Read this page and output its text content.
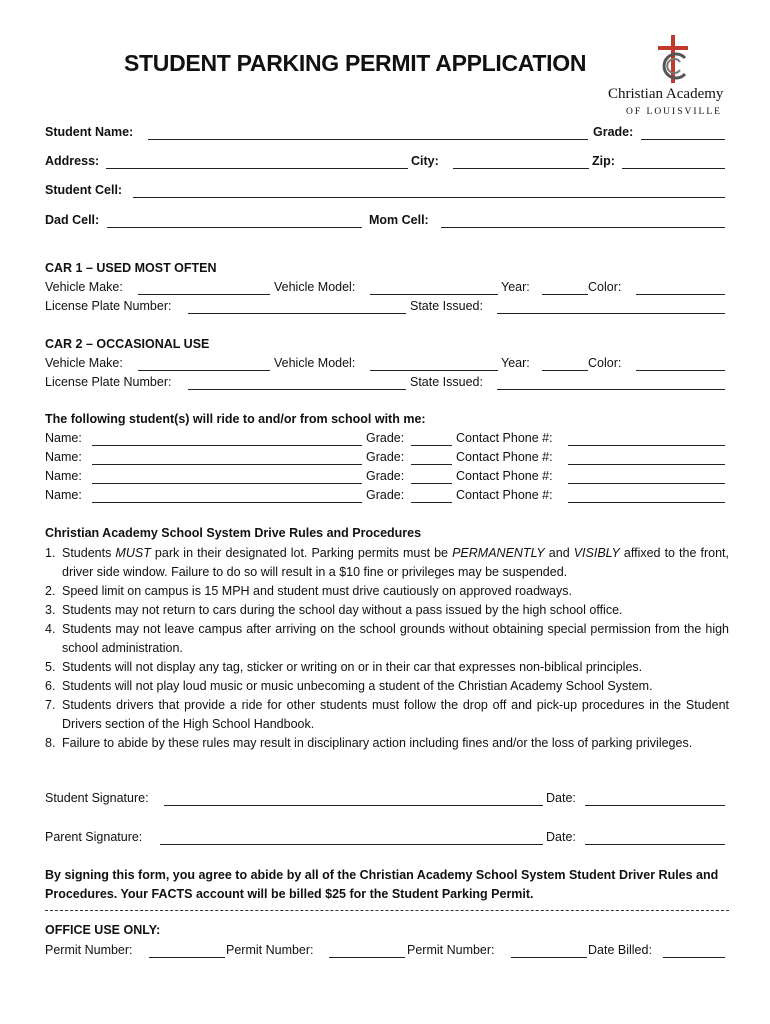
STUDENT PARKING PERMIT APPLICATION
Christian Academy
OF LOUISVILLE
Student Name:	Grade:
Address:	City:	Zip:
Student Cell:
Dad Cell:	Mom Cell:
CAR 1 – USED MOST OFTEN
Vehicle Make:	Vehicle Model:	Year:	Color:
License Plate Number:	State Issued:
CAR 2 – OCCASIONAL USE
Vehicle Make:	Vehicle Model:	Year:	Color:
License Plate Number:	State Issued:
The following student(s) will ride to and/or from school with me:
Name:	Grade:	Contact Phone #:
Name:	Grade:	Contact Phone #:
Name:	Grade:	Contact Phone #:
Name:	Grade:	Contact Phone #:
Christian Academy School System Drive Rules and Procedures
1. Students MUST park in their designated lot. Parking permits must be PERMANENTLY and VISIBLY affixed to the front, driver side window. Failure to do so will result in a $10 fine or privileges may be suspended.
2. Speed limit on campus is 15 MPH and student must drive cautiously on approved roadways.
3. Students may not return to cars during the school day without a pass issued by the high school office.
4. Students may not leave campus after arriving on the school grounds without obtaining special permission from the high school administration.
5. Students will not display any tag, sticker or writing on or in their car that expresses non-biblical principles.
6. Students will not play loud music or music unbecoming a student of the Christian Academy School System.
7. Students drivers that provide a ride for other students must follow the drop off and pick-up procedures in the Student Drivers section of the High School Handbook.
8. Failure to abide by these rules may result in disciplinary action including fines and/or the loss of parking privileges.
Student Signature:	Date:
Parent Signature:	Date:
By signing this form, you agree to abide by all of the Christian Academy School System Student Driver Rules and Procedures. Your FACTS account will be billed $25 for the Student Parking Permit.
OFFICE USE ONLY:
Permit Number:	Permit Number:	Permit Number:	Date Billed:
